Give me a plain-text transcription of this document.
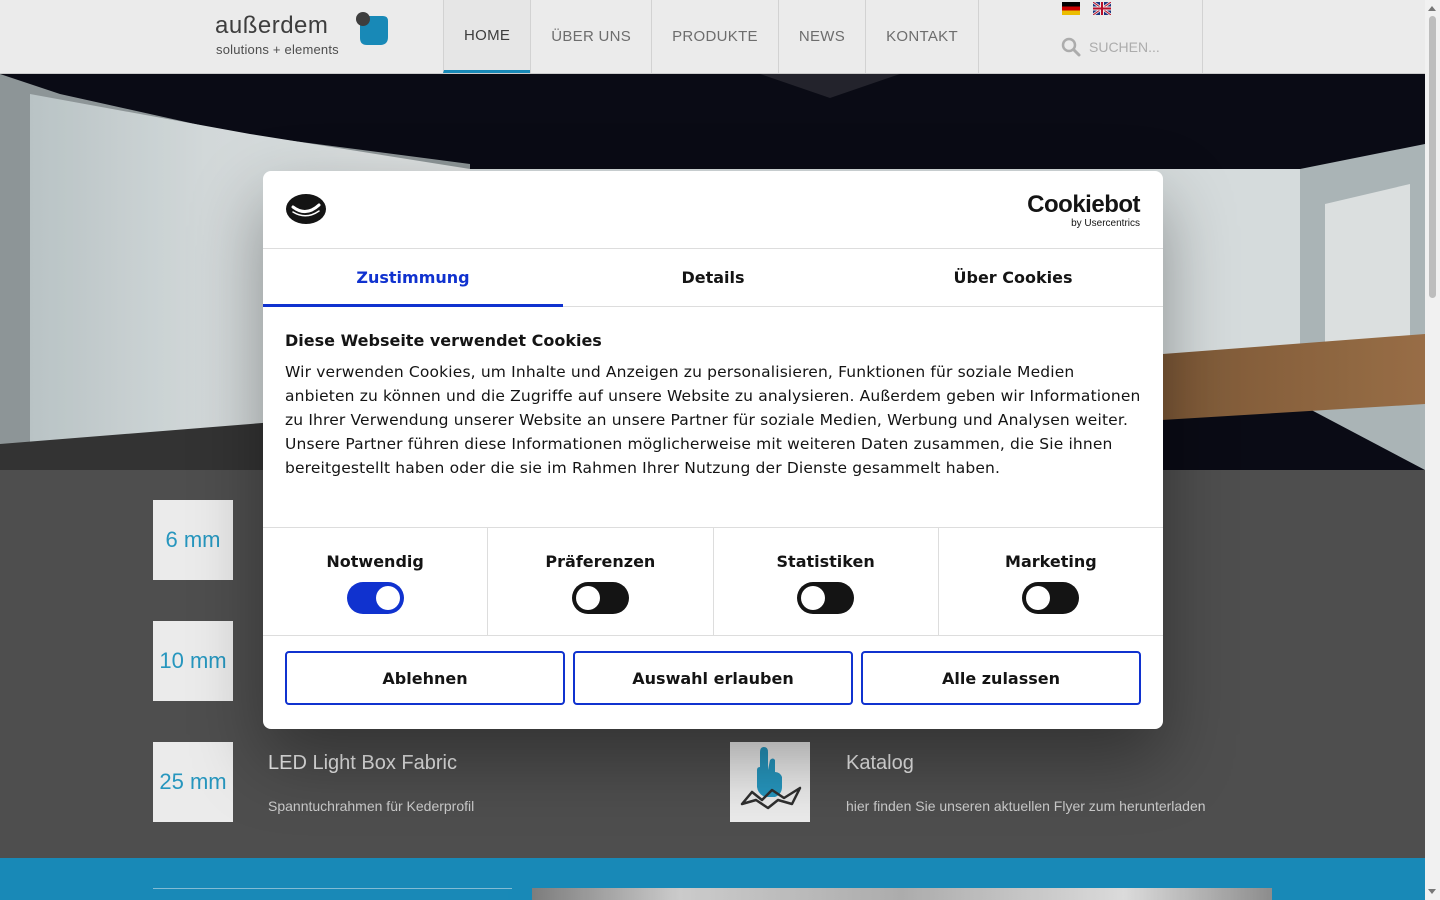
außerdem
solutions + elements
HOME	ÜBER UNS	PRODUKTE	NEWS	KONTAKT
SUCHEN...
6 mm
10 mm
25 mm
LED Light Box Fabric
Spanntuchrahmen für Kederprofil
Katalog
hier finden Sie unseren aktuellen Flyer zum herunterladen
Cookiebot
by Usercentrics
Zustimmung	Details	Über Cookies
Diese Webseite verwendet Cookies
Wir verwenden Cookies, um Inhalte und Anzeigen zu personalisieren, Funktionen für soziale Medien anbieten zu können und die Zugriffe auf unsere Website zu analysieren. Außerdem geben wir Informationen zu Ihrer Verwendung unserer Website an unsere Partner für soziale Medien, Werbung und Analysen weiter. Unsere Partner führen diese Informationen möglicherweise mit weiteren Daten zusammen, die Sie ihnen bereitgestellt haben oder die sie im Rahmen Ihrer Nutzung der Dienste gesammelt haben.
Notwendig	Präferenzen	Statistiken	Marketing
Ablehnen	Auswahl erlauben	Alle zulassen
